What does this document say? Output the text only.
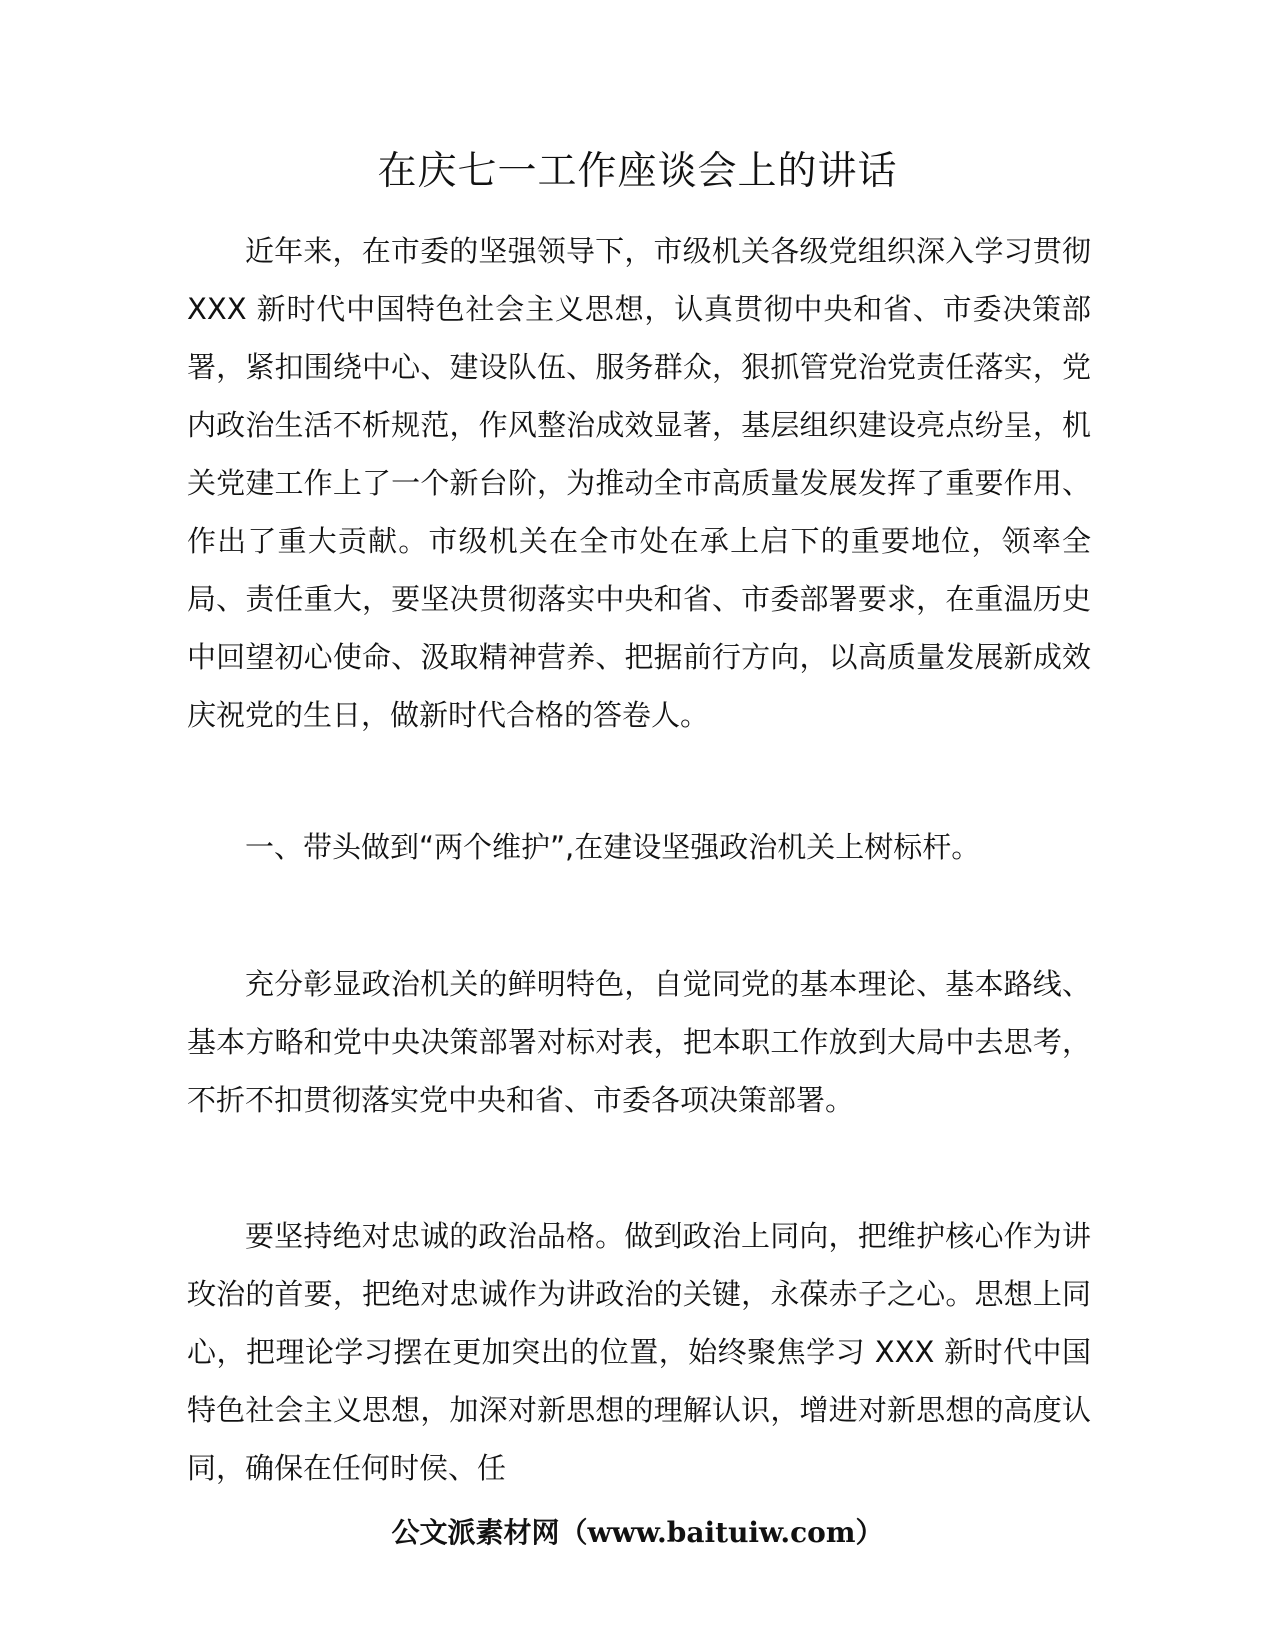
在庆七一工作座谈会上的讲话

近年来，在市委的坚强领导下，市级机关各级党组织深入学习贯彻 XXX 新时代中国特色社会主义思想，认真贯彻中央和省、市委决策部署，紧扣围绕中心、建设队伍、服务群众，狠抓管党治党责任落实，党内政治生活不析规范，作风整治成效显著，基层组织建设亮点纷呈，机关党建工作上了一个新台阶，为推动全市高质量发展发挥了重要作用、作出了重大贡献。市级机关在全市处在承上启下的重要地位，领率全局、责任重大，要坚决贯彻落实中央和省、市委部署要求，在重温历史中回望初心使命、汲取精神营养、把据前行方向，以高质量发展新成效庆祝党的生日，做新时代合格的答卷人。

一、带头做到“两个维护”,在建设坚强政治机关上树标杆。

充分彰显政治机关的鲜明特色，自觉同党的基本理论、基本路线、基本方略和党中央决策部署对标对表，把本职工作放到大局中去思考，不折不扣贯彻落实党中央和省、市委各项决策部署。

要坚持绝对忠诚的政治品格。做到政治上同向，把维护核心作为讲玫治的首要，把绝对忠诚作为讲政治的关键，永葆赤子之心。思想上同心，把理论学习摆在更加突出的位置，始终聚焦学习 XXX 新时代中国特色社会主义思想，加深对新思想的理解认识，增进对新思想的高度认同，确保在任何时侯、任

公文派素材网（www.baituiw.com）
